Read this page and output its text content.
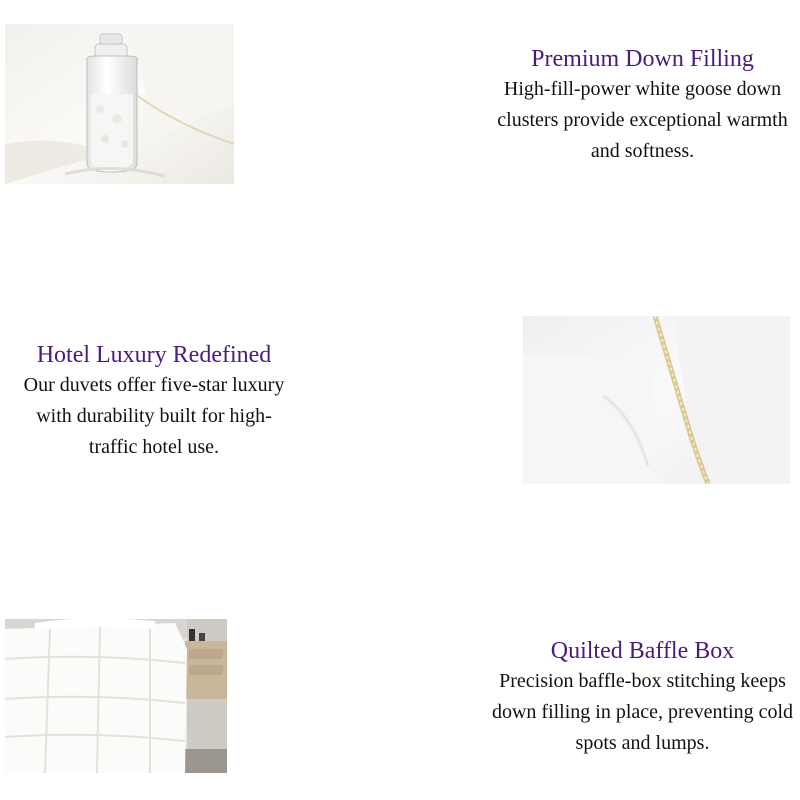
Premium Down Filling
High-fill-power white goose down clusters provide exceptional warmth and softness.
Hotel Luxury Redefined
Our duvets offer five-star luxury with durability built for high-traffic hotel use.
Quilted Baffle Box
Precision baffle-box stitching keeps down filling in place, preventing cold spots and lumps.
